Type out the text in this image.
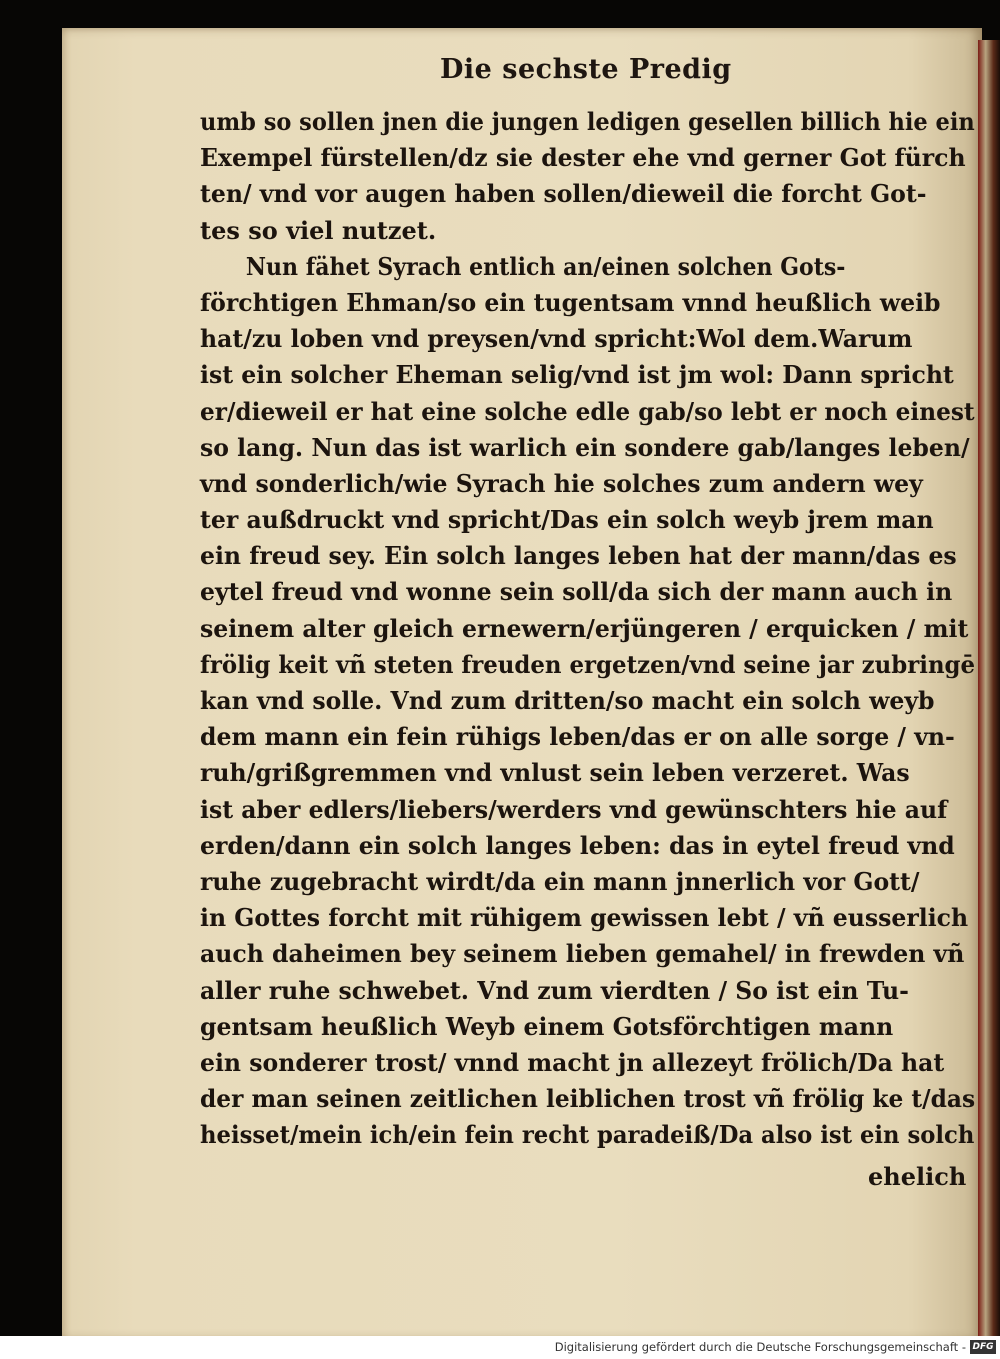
Die sechste Predig
umb so sollen jnen die jungen ledigen gesellen billich hie ein
Exempel fürstellen/dz sie dester ehe vnd gerner Got fürch
ten/ vnd vor augen haben sollen/dieweil die forcht Got-
tes so viel nutzet.
Nun fähet Syrach entlich an/einen solchen Gots-
förchtigen Ehman/so ein tugentsam vnnd heußlich weib
hat/zu loben vnd preysen/vnd spricht:Wol dem.Warum
ist ein solcher Eheman selig/vnd ist jm wol: Dann spricht
er/dieweil er hat eine solche edle gab/so lebt er noch einest
so lang. Nun das ist warlich ein sondere gab/langes leben/
vnd sonderlich/wie Syrach hie solches zum andern wey
ter außdruckt vnd spricht/Das ein solch weyb jrem man
ein freud sey. Ein solch langes leben hat der mann/das es
eytel freud vnd wonne sein soll/da sich der mann auch in
seinem alter gleich ernewern/erjüngeren / erquicken / mit
frölig keit vñ steten freuden ergetzen/vnd seine jar zubringē
kan vnd solle. Vnd zum dritten/so macht ein solch weyb
dem mann ein fein rühigs leben/das er on alle sorge / vn-
ruh/grißgremmen vnd vnlust sein leben verzeret. Was
ist aber edlers/liebers/werders vnd gewünschters hie auf
erden/dann ein solch langes leben: das in eytel freud vnd
ruhe zugebracht wirdt/da ein mann jnnerlich vor Gott/
in Gottes forcht mit rühigem gewissen lebt / vñ eusserlich
auch daheimen bey seinem lieben gemahel/ in frewden vñ
aller ruhe schwebet. Vnd zum vierdten / So ist ein Tu-
gentsam heußlich Weyb einem Gotsförchtigen mann
ein sonderer trost/ vnnd macht jn allezeyt frölich/Da hat
der man seinen zeitlichen leiblichen trost vñ frölig ke t/das
heisset/mein ich/ein fein recht paradeiß/Da also ist ein solch
ehelich
Digitalisierung gefördert durch die Deutsche Forschungsgemeinschaft - DFG
